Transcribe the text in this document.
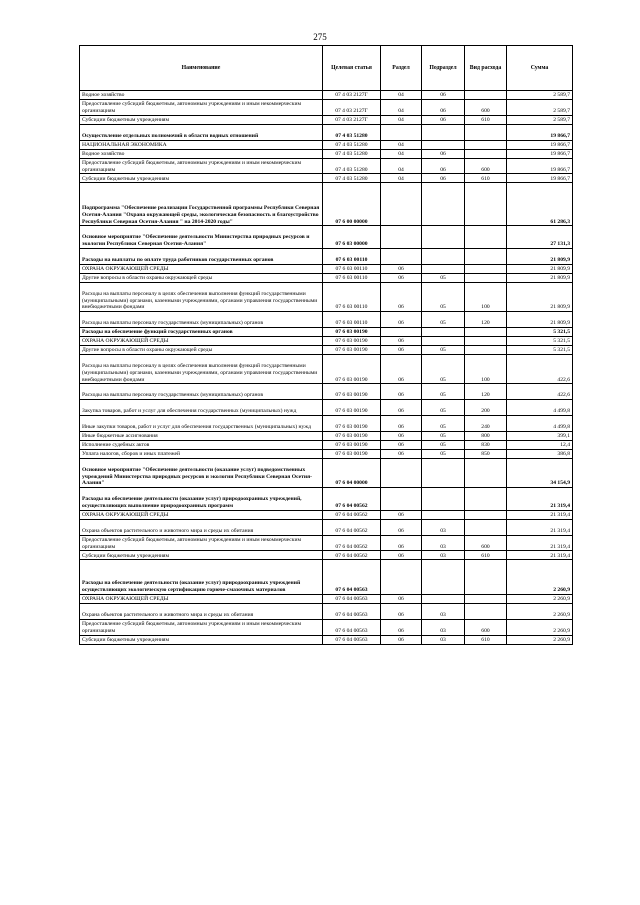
275
Наименование	Целевая статья	Раздел	Подраздел	Вид расхода	Сумма
Водное хозяйство	07 4 03 2127Г	04	06		2 589,7
Предоставление субсидий бюджетным, автономным учреждениям и иным некоммерческим организациям	07 4 03 2127Г	04	06	600	2 589,7
Субсидии бюджетным учреждениям	07 4 03 2127Г	04	06	610	2 589,7
Осуществление отдельных полномочий в области водных отношений	07 4 03 51280				19 866,7
НАЦИОНАЛЬНАЯ ЭКОНОМИКА	07 4 03 51280	04			19 866,7
Водное хозяйство	07 4 03 51280	04	06		19 866,7
Предоставление субсидий бюджетным, автономным учреждениям и иным некоммерческим организациям	07 4 03 51280	04	06	600	19 866,7
Субсидии бюджетным учреждениям	07 4 03 51280	04	06	610	19 866,7
Подпрограмма "Обеспечение реализации Государственной программы Республики Северная Осетия-Алания "Охрана окружающей среды, экологическая безопасность и благоустройство Республики Северная Осетия-Алания " на 2014-2020 годы"	07 6 00 00000				61 286,3
Основное мероприятие "Обеспечение деятельности Министерства природных ресурсов и экологии Республики Северная Осетия-Алания"	07 6 03 00000				27 131,3
Расходы на выплаты по оплате труда работников государственных органов	07 6 03 00110				21 809,9
ОХРАНА ОКРУЖАЮЩЕЙ СРЕДЫ	07 6 03 00110	06			21 809,9
Другие вопросы в области охраны окружающей среды	07 6 03 00110	06	05		21 809,9
Расходы на выплаты персоналу в целях обеспечения выполнения функций государственными (муниципальными) органами, казенными учреждениями, органами управления государственными внебюджетными фондами	07 6 03 00110	06	05	100	21 809,9
Расходы на выплаты персоналу государственных (муниципальных) органов	07 6 03 00110	06	05	120	21 809,9
Расходы на обеспечение функций государственных органов	07 6 03 00190				5 321,5
ОХРАНА ОКРУЖАЮЩЕЙ СРЕДЫ	07 6 03 00190	06			5 321,5
Другие вопросы в области охраны окружающей среды	07 6 03 00190	06	05		5 321,5
Расходы на выплаты персоналу в целях обеспечения выполнения функций государственными (муниципальными) органами, казенными учреждениями, органами управления государственными внебюджетными фондами	07 6 03 00190	06	05	100	422,6
Расходы на выплаты персоналу государственных (муниципальных) органов	07 6 03 00190	06	05	120	422,6
Закупка товаров, работ и услуг для обеспечения государственных (муниципальных) нужд	07 6 03 00190	06	05	200	4 499,8
Иные закупки товаров, работ и услуг для обеспечения государственных (муниципальных) нужд	07 6 03 00190	06	05	240	4 499,8
Иные бюджетные ассигнования	07 6 03 00190	06	05	800	399,1
Исполнение судебных актов	07 6 03 00190	06	05	830	12,4
Уплата налогов, сборов и иных платежей	07 6 03 00190	06	05	850	386,8
Основное мероприятие "Обеспечение деятельности (оказание услуг) подведомственных учреждений Министерства природных ресурсов и экологии Республики Северная Осетия-Алания"	07 6 04 00000				34 154,9
Расходы на обеспечение деятельности (оказание услуг) природоохранных учреждений, осуществляющих выполнение природоохранных программ	07 6 04 00562				21 319,4
ОХРАНА ОКРУЖАЮЩЕЙ СРЕДЫ	07 6 04 00562	06			21 319,4
Охрана объектов растительного и животного мира и среды их обитания	07 6 04 00562	06	03		21 319,4
Предоставление субсидий бюджетным, автономным учреждениям и иным некоммерческим организациям	07 6 04 00562	06	03	600	21 319,4
Субсидии бюджетным учреждениям	07 6 04 00562	06	03	610	21 319,4
Расходы на обеспечение деятельности (оказание услуг) природоохранных учреждений осуществляющих экологическую сертификацию горюче-смазочных материалов	07 6 04 00563				2 260,9
ОХРАНА ОКРУЖАЮЩЕЙ СРЕДЫ	07 6 04 00563	06			2 260,9
Охрана объектов растительного и животного мира и среды их обитания	07 6 04 00563	06	03		2 260,9
Предоставление субсидий бюджетным, автономным учреждениям и иным некоммерческим организациям	07 6 04 00563	06	03	600	2 260,9
Субсидии бюджетным учреждениям	07 6 04 00563	06	03	610	2 260,9
